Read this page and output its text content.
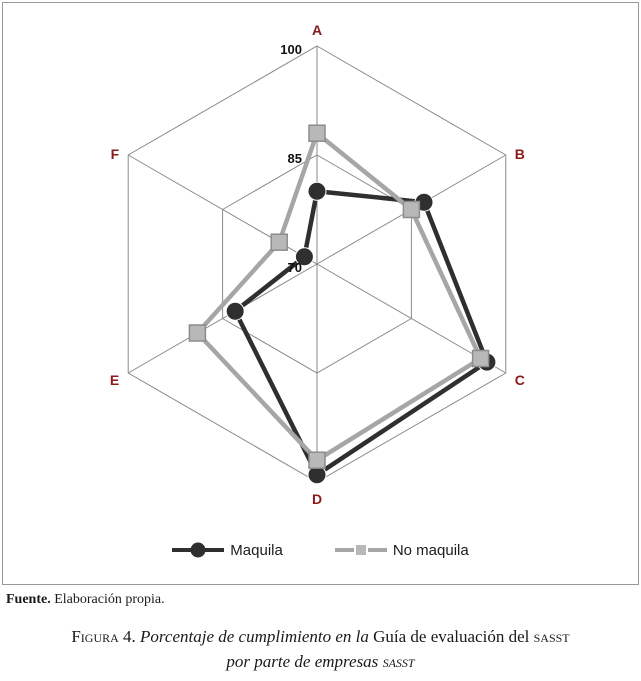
100
85
70
A
B
C
D
E
F
Maquila	No maquila
Fuente. Elaboración propia.
Figura 4. Porcentaje de cumplimiento en la Guía de evaluación del sasst
por parte de empresas sasst
